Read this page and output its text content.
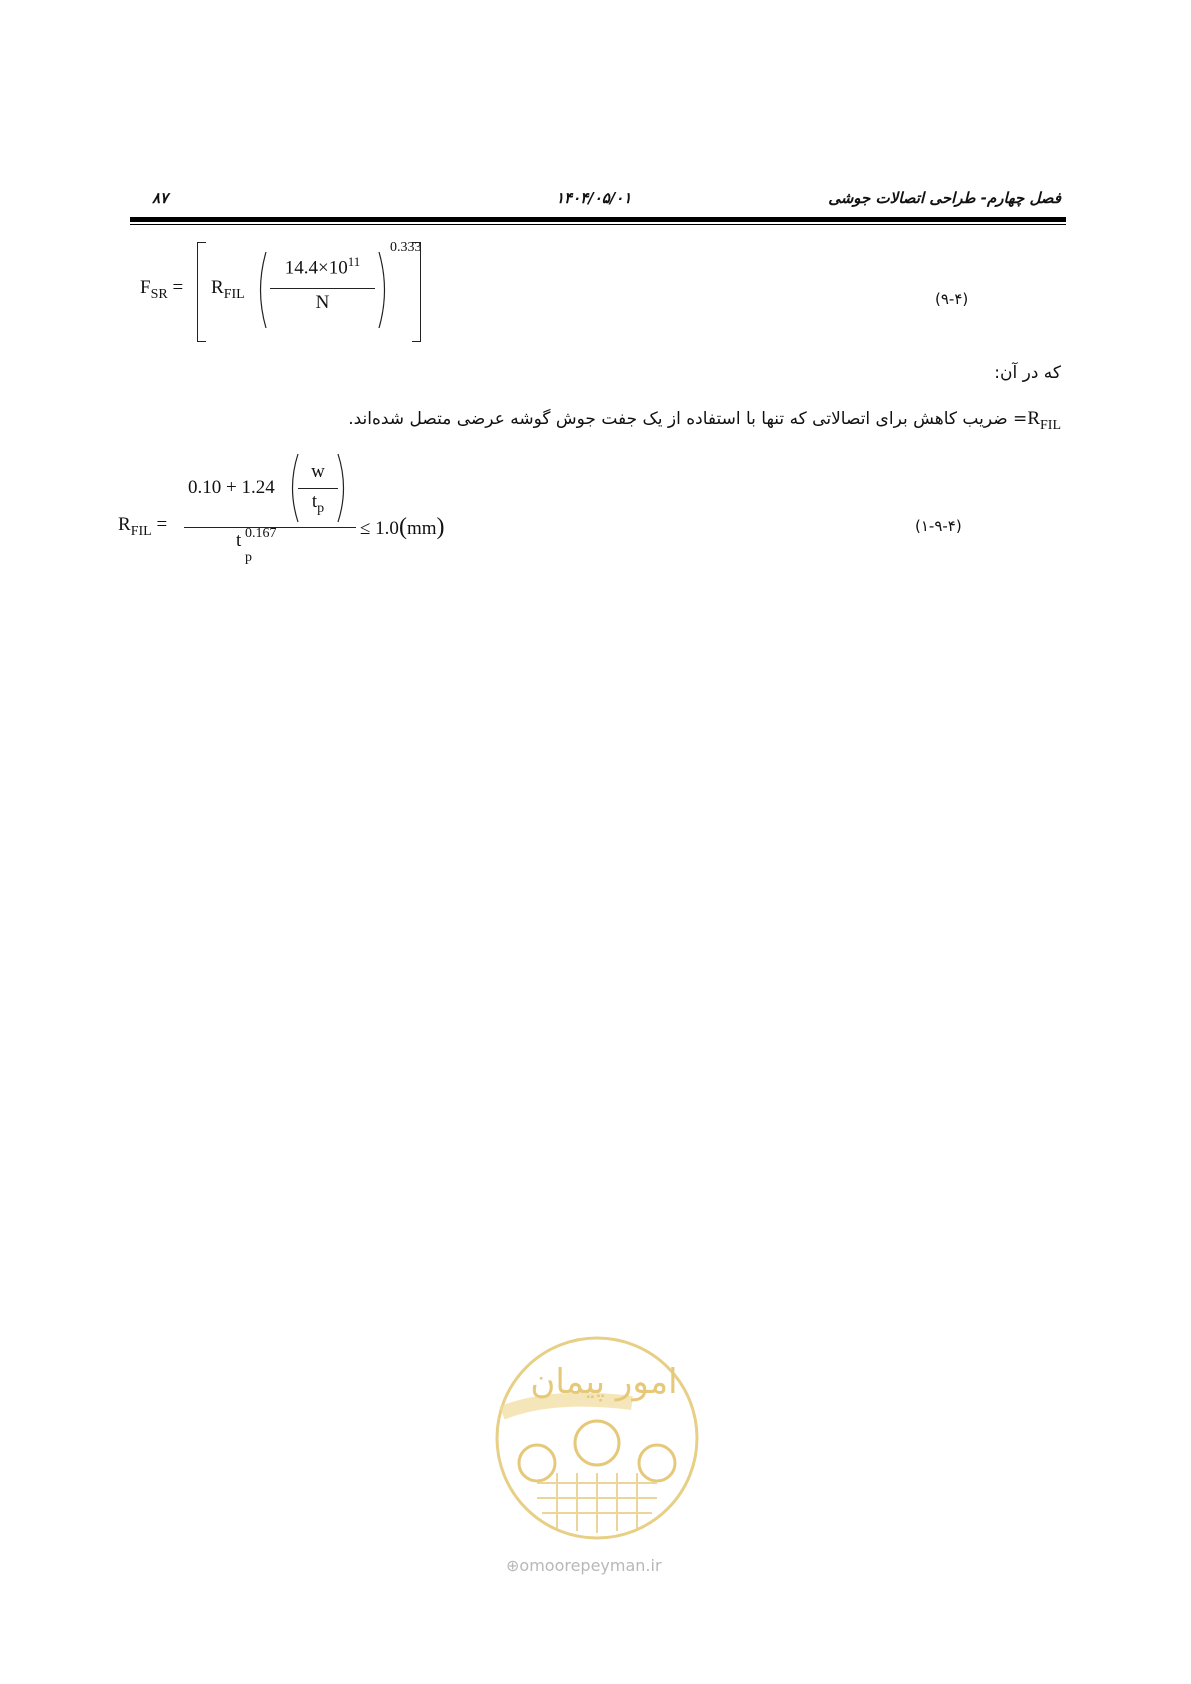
فصل چهارم- طراحی اتصالات جوشی
۱۴۰۴/۰۵/۰۱
۸۷
$F_{SR} = R_{FIL}$
$14.4\times 10^{11}$
N
0.333
(۹-۴)
که در آن:
$R_{FIL}=$ ضریب کاهش برای اتصالاتی که تنها با استفاده از یک جفت جوش گوشه عرضی متصل شده‌اند.
$R_{FIL}$ =
0.10 + 1.24
w
$t_p$
t
p
0.167	≤ 1.0(mm)	(۱-۹-۴)
امور پیمان
⊕omoorepeyman.ir
